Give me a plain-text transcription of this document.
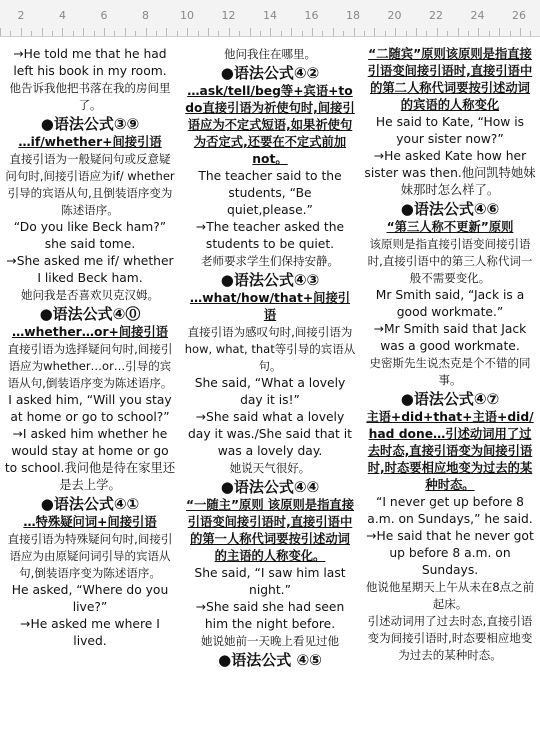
2	4	6	8	10	12	14	16	18	20	22	24	26

→He told me that he had left his book in my room.

他告诉我他把书落在我的房间里了。

●语法公式③⑨

…if/whether+间接引语

直接引语为一般疑问句或反意疑问句时,间接引语应为if/ whether引导的宾语从句,且倒装语序变为陈述语序。

“Do you like Beck ham?” she said tome.

→She asked me if/ whether I liked Beck ham.

她问我是否喜欢贝克汉姆。

●语法公式④⓪

…whether…or+间接引语

直接引语为选择疑问句时,间接引语应为whether…or…引导的宾语从句,倒装语序变为陈述语序。

I asked him, “Will you stay at home or go to school?”

→I asked him whether he would stay at home or go to school.我问他是待在家里还是去上学。

●语法公式④①

…特殊疑问词+间接引语

直接引语为特殊疑问句时,间接引语应为由原疑问词引导的宾语从句,倒装语序变为陈述语序。

He asked, “Where do you live?”

→He asked me where I lived.

他问我住在哪里。

●语法公式④②

…ask/tell/beg等+宾语+to do直接引语为祈使句时,间接引语应为不定式短语,如果祈使句为否定式,还要在不定式前加not。

The teacher said to the students, “Be quiet,please.”

→The teacher asked the students to be quiet.

老师要求学生们保持安静。

●语法公式④③

…what/how/that+间接引语

直接引语为感叹句时,间接引语为how, what, that等引导的宾语从句。

She said, “What a lovely day it is!”

→She said what a lovely day it was./She said that it was a lovely day.

她说天气很好。

●语法公式④④

“一随主”原则 该原则是指直接引语变间接引语时,直接引语中的第一人称代词要按引述动词的主语的人称变化。

She said, “I saw him last night.”

→She said she had seen him the night before.

她说她前一天晚上看见过他

●语法公式 ④⑤

“二随宾”原则该原则是指直接引语变间接引语时,直接引语中的第二人称代词要按引述动词的宾语的人称变化

He said to Kate, “How is your sister now?”

→He asked Kate how her sister was then.他问凯特她妹妹那时怎么样了。

●语法公式④⑥

“第三人称不更新”原则

该原则是指直接引语变间接引语时,直接引语中的第三人称代词一般不需要变化。

Mr Smith said, “Jack is a good workmate.”

→Mr Smith said that Jack was a good workmate.

史密斯先生说杰克是个不错的同事。

●语法公式④⑦

主语+did+that+主语+did/ had done…引述动词用了过去时态,直接引语变为间接引语时,时态要相应地变为过去的某种时态。

“I never get up before 8 a.m. on Sundays,” he said.

→He said that he never got up before 8 a.m. on Sundays.

他说他星期天上午从未在8点之前起床。

引述动词用了过去时态,直接引语变为间接引语时,时态要相应地变为过去的某种时态。
